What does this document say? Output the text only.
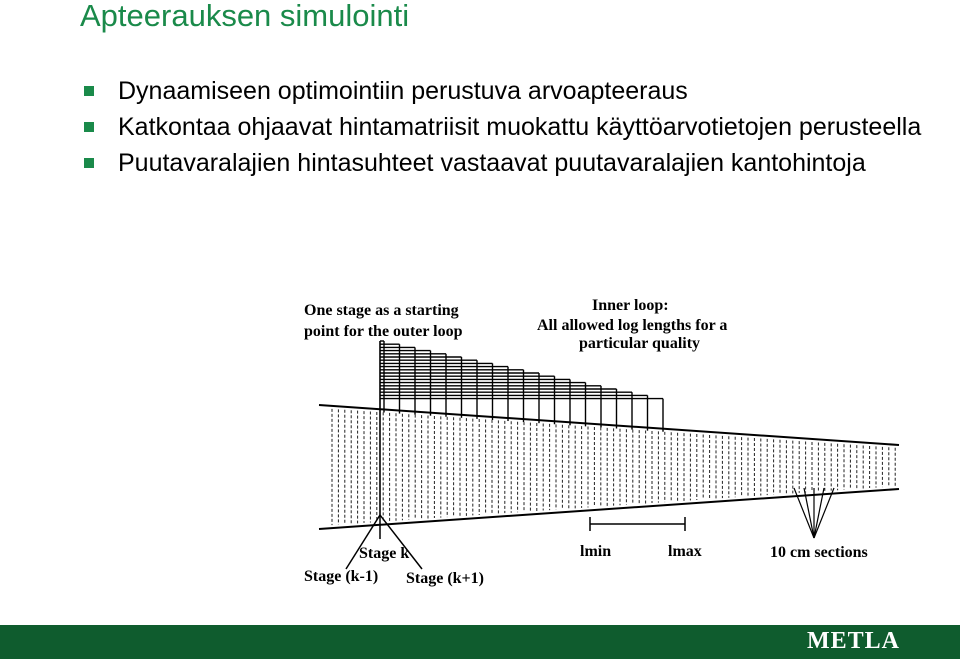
Apteerauksen simulointi
Dynaamiseen optimointiin perustuva arvoapteeraus
Katkontaa ohjaavat hintamatriisit muokattu käyttöarvotietojen perusteella
Puutavaralajien hintasuhteet vastaavat puutavaralajien kantohintoja
One stage as a starting
point for the outer loop
Inner loop:
All allowed log lengths for a
particular quality
Stage k
Stage (k-1) Stage (k+1)
lmin	lmax	10 cm sections
METLA
